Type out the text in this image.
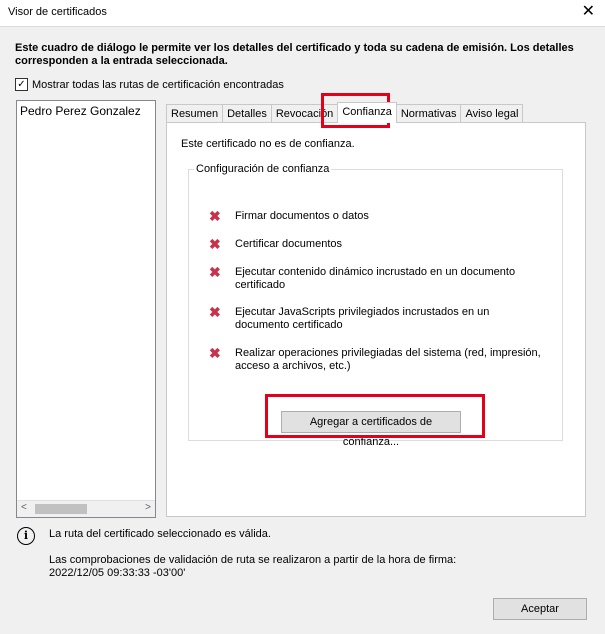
Visor de certificados	✕
Este cuadro de diálogo le permite ver los detalles del certificado y toda su cadena de emisión. Los detalles corresponden a la entrada seleccionada.
✓ Mostrar todas las rutas de certificación encontradas
Pedro Perez Gonzalez
<	>
Resumen Detalles Revocación Confianza Normativas Aviso legal
Este certificado no es de confianza.
Configuración de confianza
✖ Firmar documentos o datos
✖ Certificar documentos
✖ Ejecutar contenido dinámico incrustado en un documento certificado
✖ Ejecutar JavaScripts privilegiados incrustados en un documento certificado
✖ Realizar operaciones privilegiadas del sistema (red, impresión, acceso a archivos, etc.)
Agregar a certificados de confianza...
i	La ruta del certificado seleccionado es válida.
Las comprobaciones de validación de ruta se realizaron a partir de la hora de firma:
2022/12/05 09:33:33 -03'00'
Aceptar
